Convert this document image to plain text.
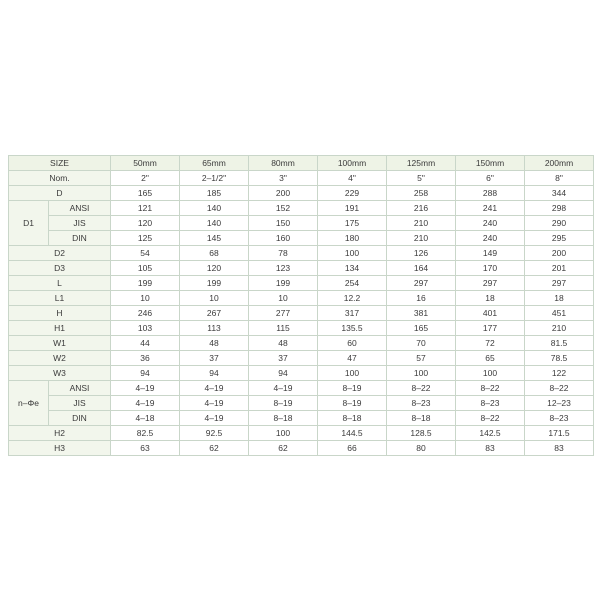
SIZE		50mm	65mm	80mm	100mm	125mm	150mm	200mm
Nom.		2"	2–1/2"	3"	4"	5"	6"	8"
D		165	185	200	229	258	288	344
D1	ANSI	121	140	152	191	216	241	298
	JIS	120	140	150	175	210	240	290
	DIN	125	145	160	180	210	240	295
D2		54	68	78	100	126	149	200
D3		105	120	123	134	164	170	201
L		199	199	199	254	297	297	297
L1		10	10	10	12.2	16	18	18
H		246	267	277	317	381	401	451
H1		103	113	115	135.5	165	177	210
W1		44	48	48	60	70	72	81.5
W2		36	37	37	47	57	65	78.5
W3		94	94	94	100	100	100	122
n–Φe	ANSI	4–19	4–19	4–19	8–19	8–22	8–22	8–22
	JIS	4–19	4–19	8–19	8–19	8–23	8–23	12–23
	DIN	4–18	4–19	8–18	8–18	8–18	8–22	8–23
H2		82.5	92.5	100	144.5	128.5	142.5	171.5
H3		63	62	62	66	80	83	83
